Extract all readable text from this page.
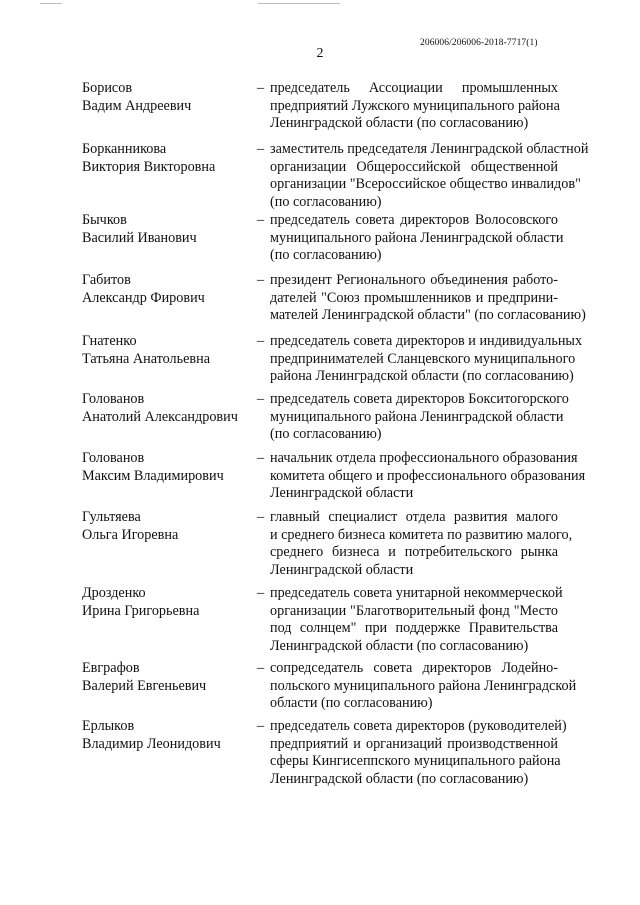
206006/206006-2018-7717(1)
2
Борисов
Вадим Андреевич
– председатель Ассоциации промышленных
предприятий Лужского муниципального района
Ленинградской области (по согласованию)
Борканникова
Виктория Викторовна
– заместитель председателя Ленинградской областной
организации Общероссийской общественной
организации "Всероссийское общество инвалидов"
(по согласованию)
Бычков
Василий Иванович
– председатель совета директоров Волосовского
муниципального района Ленинградской области
(по согласованию)
Габитов
Александр Фирович
– президент Регионального объединения работо-
дателей "Союз промышленников и предприни-
мателей Ленинградской области" (по согласованию)
Гнатенко
Татьяна Анатольевна
– председатель совета директоров и индивидуальных
предпринимателей Сланцевского муниципального
района Ленинградской области (по согласованию)
Голованов
Анатолий Александрович
– председатель совета директоров Бокситогорского
муниципального района Ленинградской области
(по согласованию)
Голованов
Максим Владимирович
– начальник отдела профессионального образования
комитета общего и профессионального образования
Ленинградской области
Гультяева
Ольга Игоревна
– главный специалист отдела развития малого
и среднего бизнеса комитета по развитию малого,
среднего бизнеса и потребительского рынка
Ленинградской области
Дрозденко
Ирина Григорьевна
– председатель совета унитарной некоммерческой
организации "Благотворительный фонд "Место
под солнцем" при поддержке Правительства
Ленинградской области (по согласованию)
Евграфов
Валерий Евгеньевич
– сопредседатель совета директоров Лодейно-
польского муниципального района Ленинградской
области (по согласованию)
Ерлыков
Владимир Леонидович
– председатель совета директоров (руководителей)
предприятий и организаций производственной
сферы Кингисеппского муниципального района
Ленинградской области (по согласованию)
